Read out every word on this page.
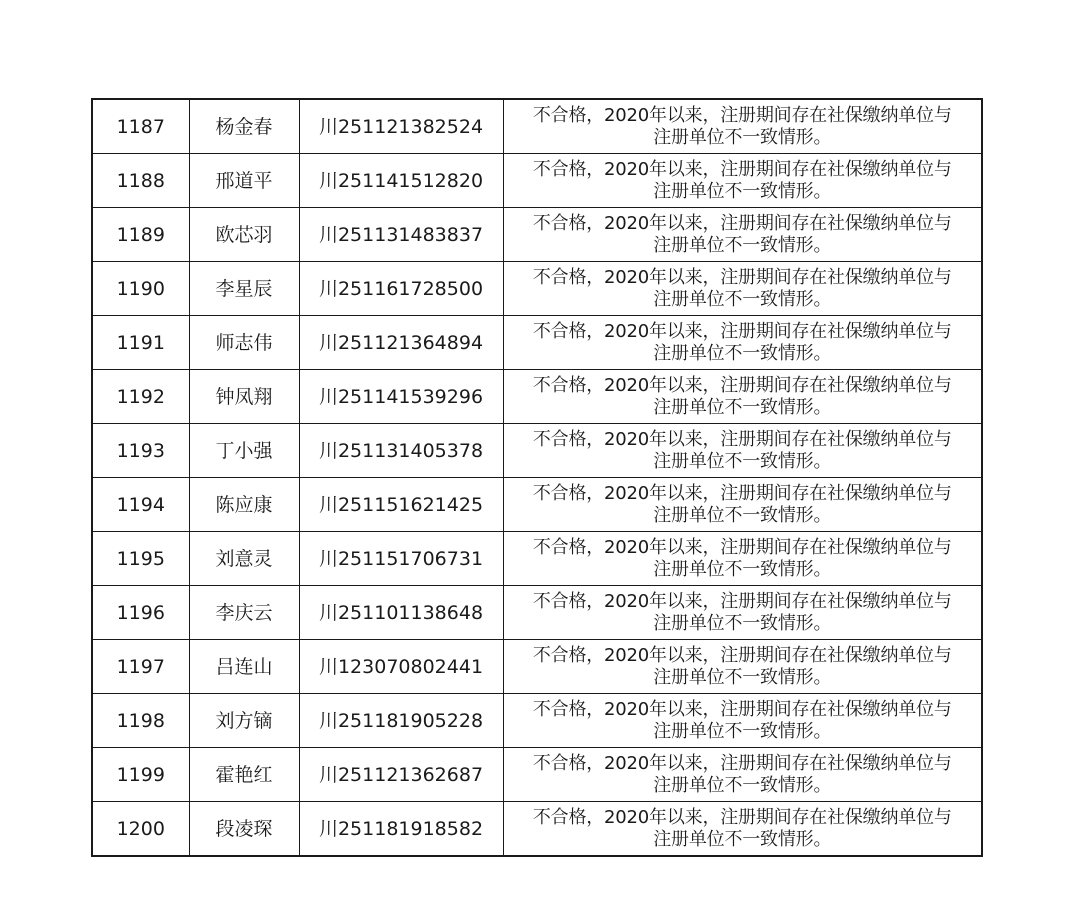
1187	杨金春	川251121382524	不合格，2020年以来，注册期间存在社保缴纳单位与
注册单位不一致情形。

1188	邢道平	川251141512820	不合格，2020年以来，注册期间存在社保缴纳单位与
注册单位不一致情形。

1189	欧芯羽	川251131483837	不合格，2020年以来，注册期间存在社保缴纳单位与
注册单位不一致情形。

1190	李星辰	川251161728500	不合格，2020年以来，注册期间存在社保缴纳单位与
注册单位不一致情形。

1191	师志伟	川251121364894	不合格，2020年以来，注册期间存在社保缴纳单位与
注册单位不一致情形。

1192	钟凤翔	川251141539296	不合格，2020年以来，注册期间存在社保缴纳单位与
注册单位不一致情形。

1193	丁小强	川251131405378	不合格，2020年以来，注册期间存在社保缴纳单位与
注册单位不一致情形。

1194	陈应康	川251151621425	不合格，2020年以来，注册期间存在社保缴纳单位与
注册单位不一致情形。

1195	刘意灵	川251151706731	不合格，2020年以来，注册期间存在社保缴纳单位与
注册单位不一致情形。

1196	李庆云	川251101138648	不合格，2020年以来，注册期间存在社保缴纳单位与
注册单位不一致情形。

1197	吕连山	川123070802441	不合格，2020年以来，注册期间存在社保缴纳单位与
注册单位不一致情形。

1198	刘方镝	川251181905228	不合格，2020年以来，注册期间存在社保缴纳单位与
注册单位不一致情形。

1199	霍艳红	川251121362687	不合格，2020年以来，注册期间存在社保缴纳单位与
注册单位不一致情形。

1200	段凌琛	川251181918582	不合格，2020年以来，注册期间存在社保缴纳单位与
注册单位不一致情形。
